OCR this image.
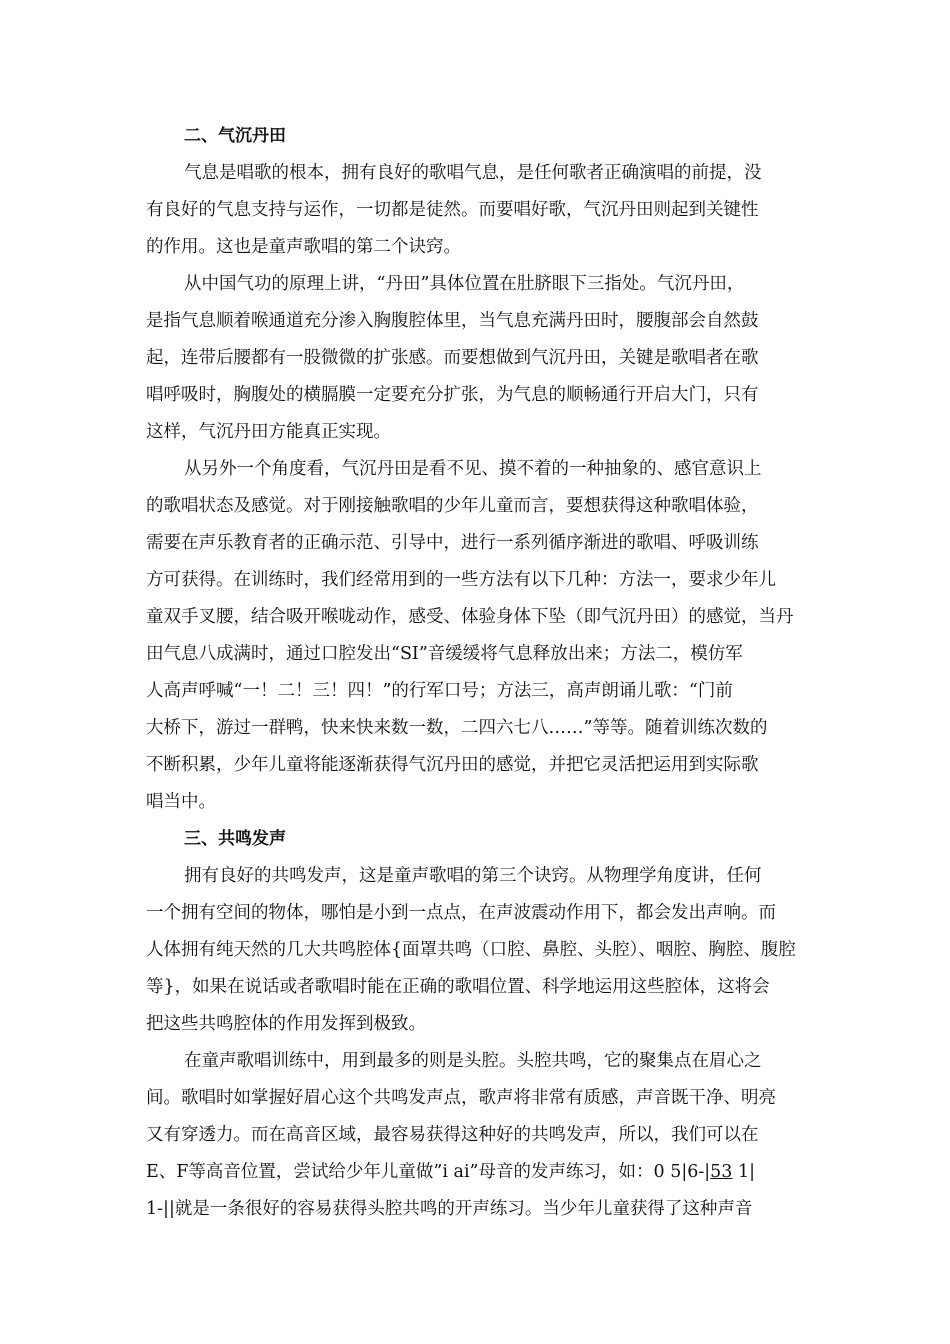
二、气沉丹田
气息是唱歌的根本，拥有良好的歌唱气息，是任何歌者正确演唱的前提，没
有良好的气息支持与运作，一切都是徒然。而要唱好歌，气沉丹田则起到关键性
的作用。这也是童声歌唱的第二个诀窍。
从中国气功的原理上讲，“丹田”具体位置在肚脐眼下三指处。气沉丹田，
是指气息顺着喉通道充分渗入胸腹腔体里，当气息充满丹田时，腰腹部会自然鼓
起，连带后腰都有一股微微的扩张感。而要想做到气沉丹田，关键是歌唱者在歌
唱呼吸时，胸腹处的横膈膜一定要充分扩张，为气息的顺畅通行开启大门，只有
这样，气沉丹田方能真正实现。
从另外一个角度看，气沉丹田是看不见、摸不着的一种抽象的、感官意识上
的歌唱状态及感觉。对于刚接触歌唱的少年儿童而言，要想获得这种歌唱体验，
需要在声乐教育者的正确示范、引导中，进行一系列循序渐进的歌唱、呼吸训练
方可获得。在训练时，我们经常用到的一些方法有以下几种：方法一，要求少年儿
童双手叉腰，结合吸开喉咙动作，感受、体验身体下坠（即气沉丹田）的感觉，当丹
田气息八成满时，通过口腔发出“SI”音缓缓将气息释放出来；方法二，模仿军
人高声呼喊“一！二！三！四！”的行军口号；方法三，高声朗诵儿歌：“门前
大桥下，游过一群鸭，快来快来数一数，二四六七八……”等等。随着训练次数的
不断积累，少年儿童将能逐渐获得气沉丹田的感觉，并把它灵活把运用到实际歌
唱当中。
三、共鸣发声
拥有良好的共鸣发声，这是童声歌唱的第三个诀窍。从物理学角度讲，任何
一个拥有空间的物体，哪怕是小到一点点，在声波震动作用下，都会发出声响。而
人体拥有纯天然的几大共鸣腔体{面罩共鸣（口腔、鼻腔、头腔）、咽腔、胸腔、腹腔
等}，如果在说话或者歌唱时能在正确的歌唱位置、科学地运用这些腔体，这将会
把这些共鸣腔体的作用发挥到极致。
在童声歌唱训练中，用到最多的则是头腔。头腔共鸣，它的聚集点在眉心之
间。歌唱时如掌握好眉心这个共鸣发声点，歌声将非常有质感，声音既干净、明亮
又有穿透力。而在高音区域，最容易获得这种好的共鸣发声，所以，我们可以在
E、F等高音位置，尝试给少年儿童做”i ai”母音的发声练习，如：0 5|6-|53 1|
1-||就是一条很好的容易获得头腔共鸣的开声练习。当少年儿童获得了这种声音
